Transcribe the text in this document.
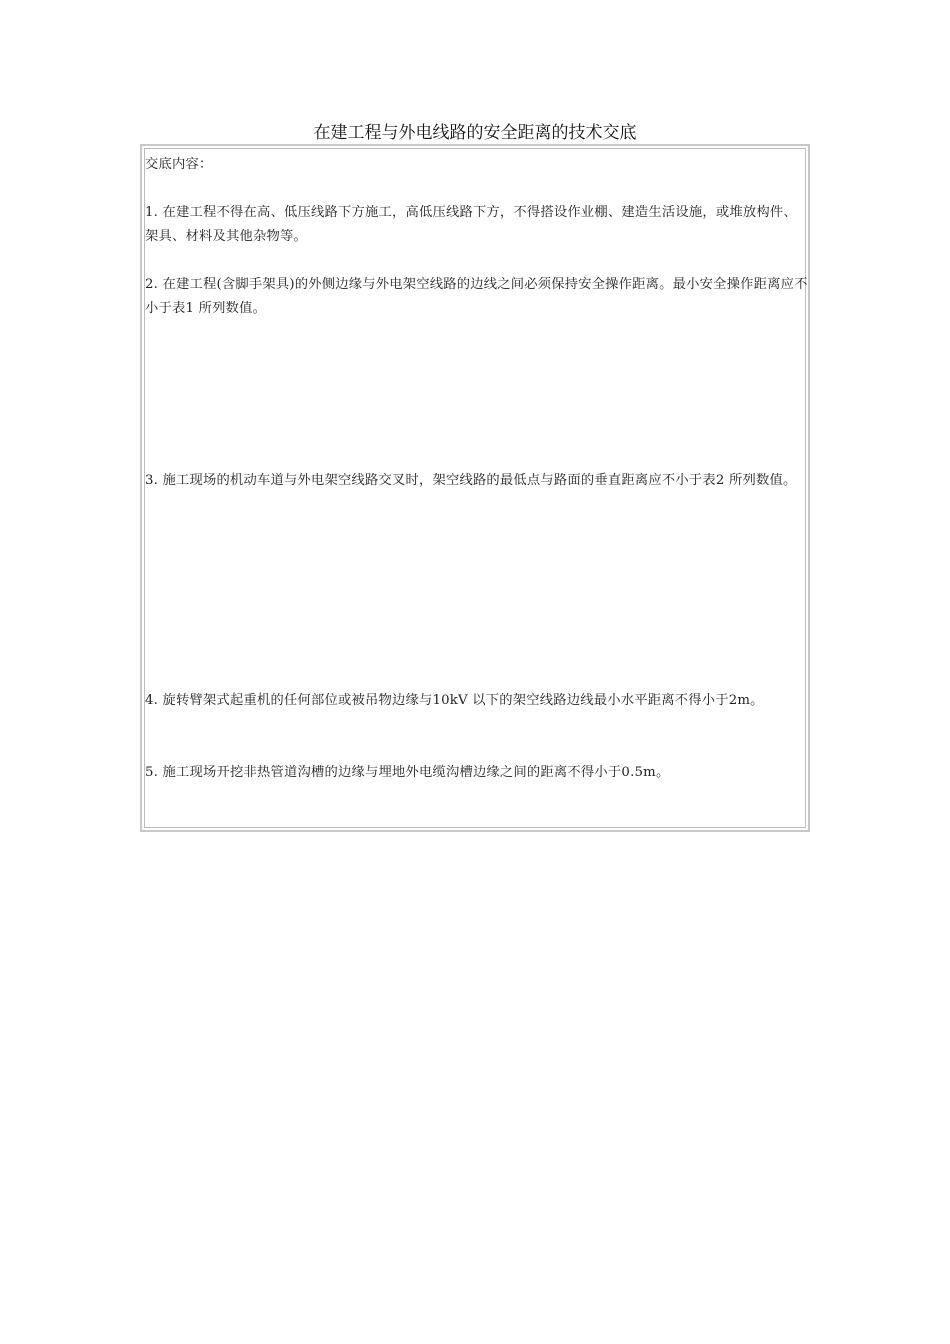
在建工程与外电线路的安全距离的技术交底

交底内容：

1. 在建工程不得在高、低压线路下方施工，高低压线路下方，不得搭设作业棚、建造生活设施，或堆放构件、架具、材料及其他杂物等。

2. 在建工程(含脚手架具)的外侧边缘与外电架空线路的边线之间必须保持安全操作距离。最小安全操作距离应不小于表1 所列数值。

3. 施工现场的机动车道与外电架空线路交叉时，架空线路的最低点与路面的垂直距离应不小于表2 所列数值。

4. 旋转臂架式起重机的任何部位或被吊物边缘与10kV 以下的架空线路边线最小水平距离不得小于2m。

5. 施工现场开挖非热管道沟槽的边缘与埋地外电缆沟槽边缘之间的距离不得小于0.5m。
